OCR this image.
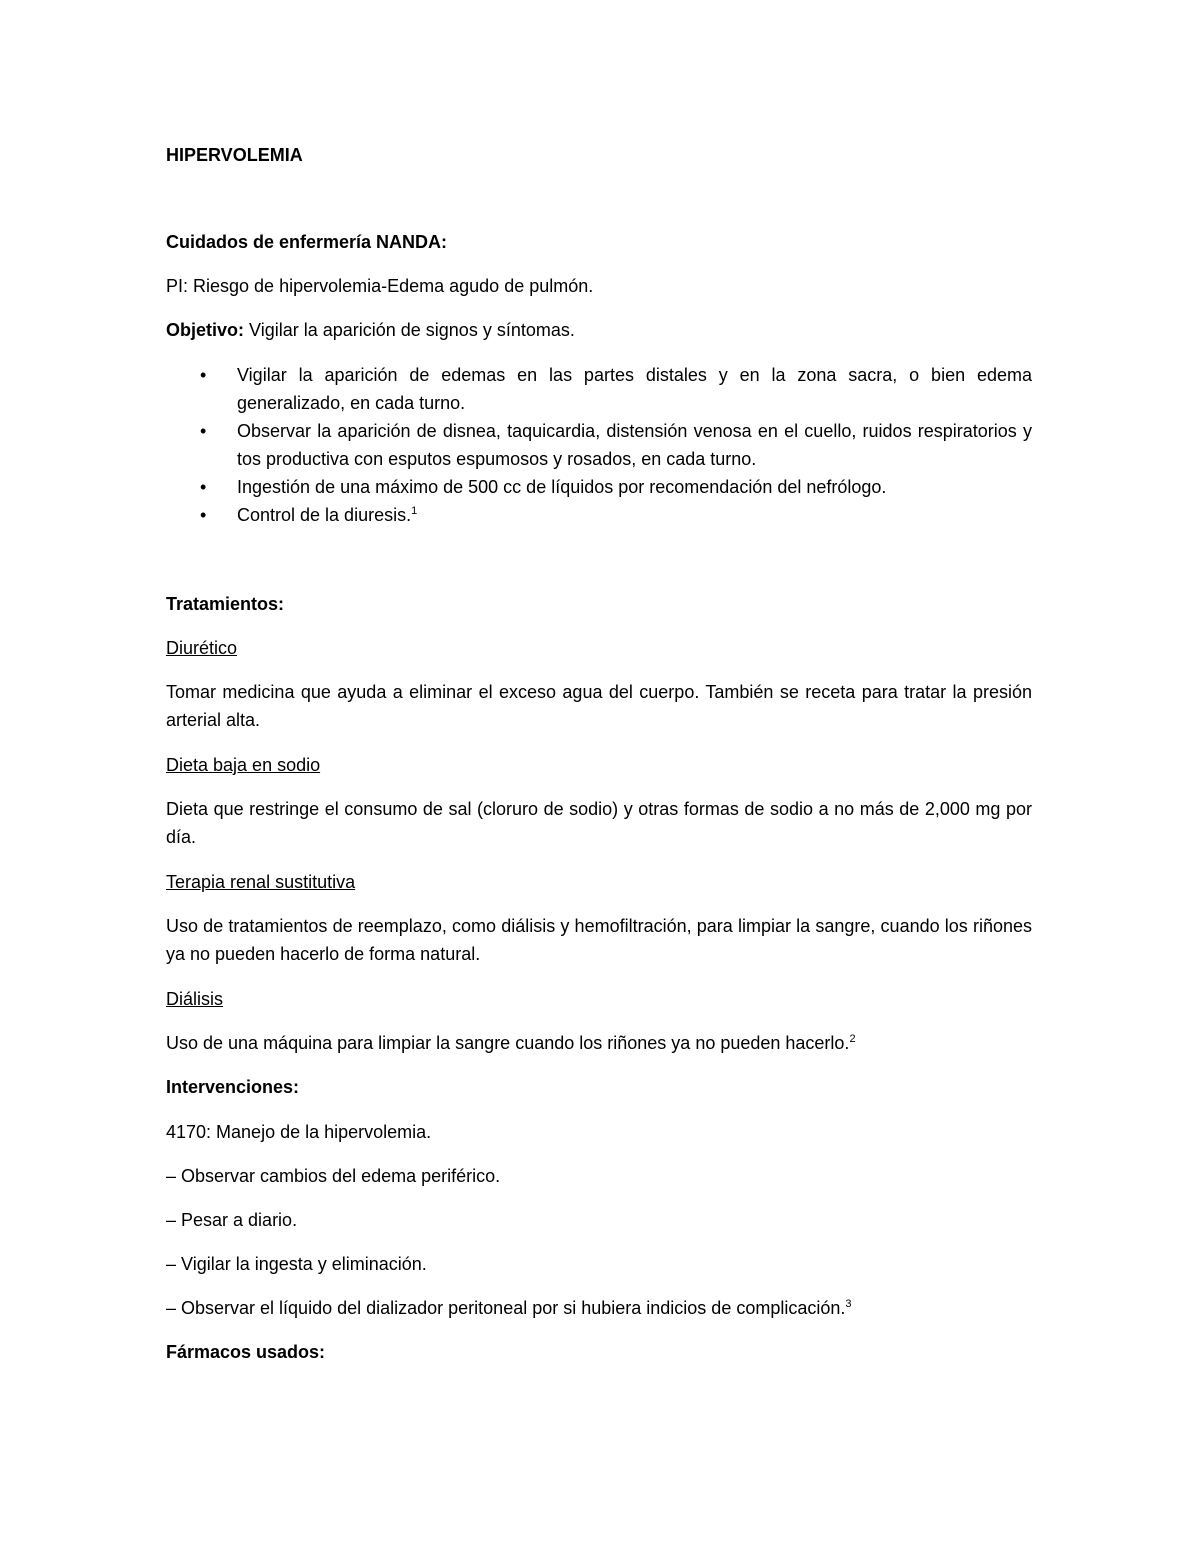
HIPERVOLEMIA

Cuidados de enfermería NANDA:

PI: Riesgo de hipervolemia-Edema agudo de pulmón.

Objetivo: Vigilar la aparición de signos y síntomas.

• Vigilar la aparición de edemas en las partes distales y en la zona sacra, o bien edema generalizado, en cada turno.
• Observar la aparición de disnea, taquicardia, distensión venosa en el cuello, ruidos respiratorios y tos productiva con esputos espumosos y rosados, en cada turno.
• Ingestión de una máximo de 500 cc de líquidos por recomendación del nefrólogo.
• Control de la diuresis.$^1$

Tratamientos:

Diurético

Tomar medicina que ayuda a eliminar el exceso agua del cuerpo. También se receta para tratar la presión arterial alta.

Dieta baja en sodio

Dieta que restringe el consumo de sal (cloruro de sodio) y otras formas de sodio a no más de 2,000 mg por día.

Terapia renal sustitutiva

Uso de tratamientos de reemplazo, como diálisis y hemofiltración, para limpiar la sangre, cuando los riñones ya no pueden hacerlo de forma natural.

Diálisis

Uso de una máquina para limpiar la sangre cuando los riñones ya no pueden hacerlo.$^2$

Intervenciones:

4170: Manejo de la hipervolemia.

– Observar cambios del edema periférico.

– Pesar a diario.

– Vigilar la ingesta y eliminación.

– Observar el líquido del dializador peritoneal por si hubiera indicios de complicación.$^3$

Fármacos usados:
